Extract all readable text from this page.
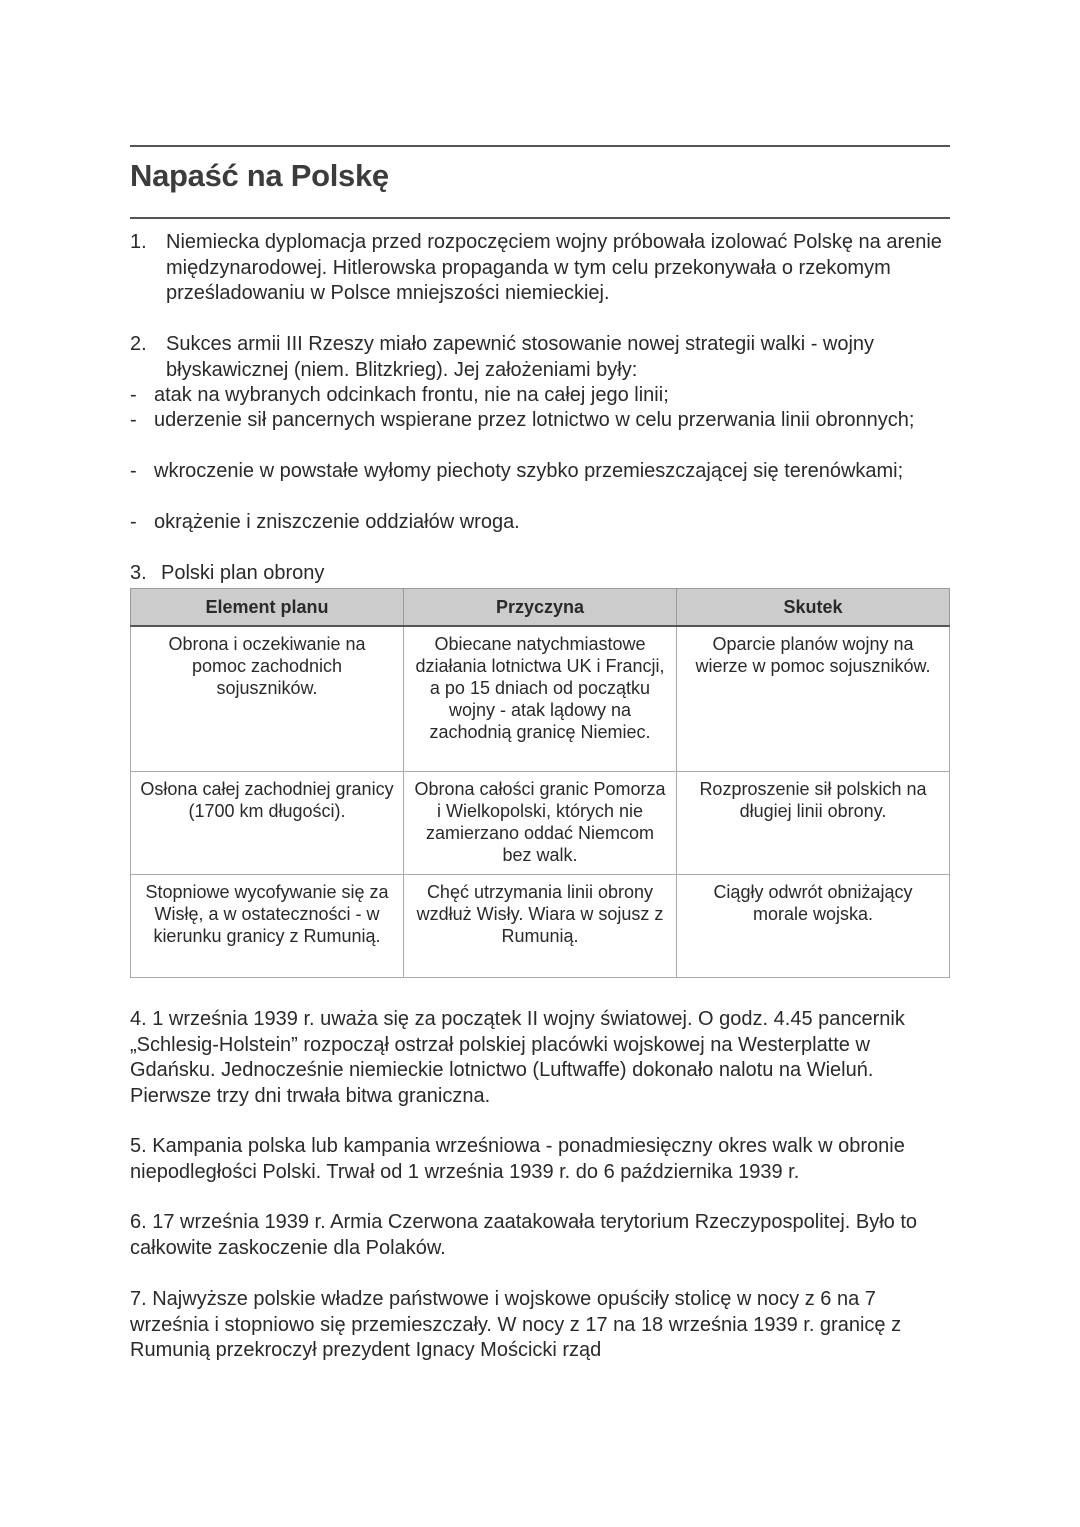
Napaść na Polskę
1. Niemiecka dyplomacja przed rozpoczęciem wojny próbowała izolować Polskę na arenie międzynarodowej. Hitlerowska propaganda w tym celu przekonywała o rzekomym prześladowaniu w Polsce mniejszości niemieckiej.
2. Sukces armii III Rzeszy miało zapewnić stosowanie nowej strategii walki - wojny błyskawicznej (niem. Blitzkrieg). Jej założeniami były:
- atak na wybranych odcinkach frontu, nie na całej jego linii;
- uderzenie sił pancernych wspierane przez lotnictwo w celu przerwania linii obronnych;
- wkroczenie w powstałe wyłomy piechoty szybko przemieszczającej się terenówkami;
- okrążenie i zniszczenie oddziałów wroga.
3. Polski plan obrony
Element planu	Przyczyna	Skutek
Obrona i oczekiwanie na pomoc zachodnich sojuszników.	Obiecane natychmiastowe działania lotnictwa UK i Francji, a po 15 dniach od początku wojny - atak lądowy na zachodnią granicę Niemiec.	Oparcie planów wojny na wierze w pomoc sojuszników.
Osłona całej zachodniej granicy (1700 km długości).	Obrona całości granic Pomorza i Wielkopolski, których nie zamierzano oddać Niemcom bez walk.	Rozproszenie sił polskich na długiej linii obrony.
Stopniowe wycofywanie się za Wisłę, a w ostateczności - w kierunku granicy z Rumunią.	Chęć utrzymania linii obrony wzdłuż Wisły. Wiara w sojusz z Rumunią.	Ciągły odwrót obniżający morale wojska.
4. 1 września 1939 r. uważa się za początek II wojny światowej. O godz. 4.45 pancernik „Schlesig-Holstein” rozpoczął ostrzał polskiej placówki wojskowej na Westerplatte w Gdańsku. Jednocześnie niemieckie lotnictwo (Luftwaffe) dokonało nalotu na Wieluń. Pierwsze trzy dni trwała bitwa graniczna.
5. Kampania polska lub kampania wrześniowa - ponadmiesięczny okres walk w obronie niepodległości Polski. Trwał od 1 września 1939 r. do 6 października 1939 r.
6. 17 września 1939 r. Armia Czerwona zaatakowała terytorium Rzeczypospolitej. Było to całkowite zaskoczenie dla Polaków.
7. Najwyższe polskie władze państwowe i wojskowe opuściły stolicę w nocy z 6 na 7 września i stopniowo się przemieszczały. W nocy z 17 na 18 września 1939 r. granicę z Rumunią przekroczył prezydent Ignacy Mościcki rząd
